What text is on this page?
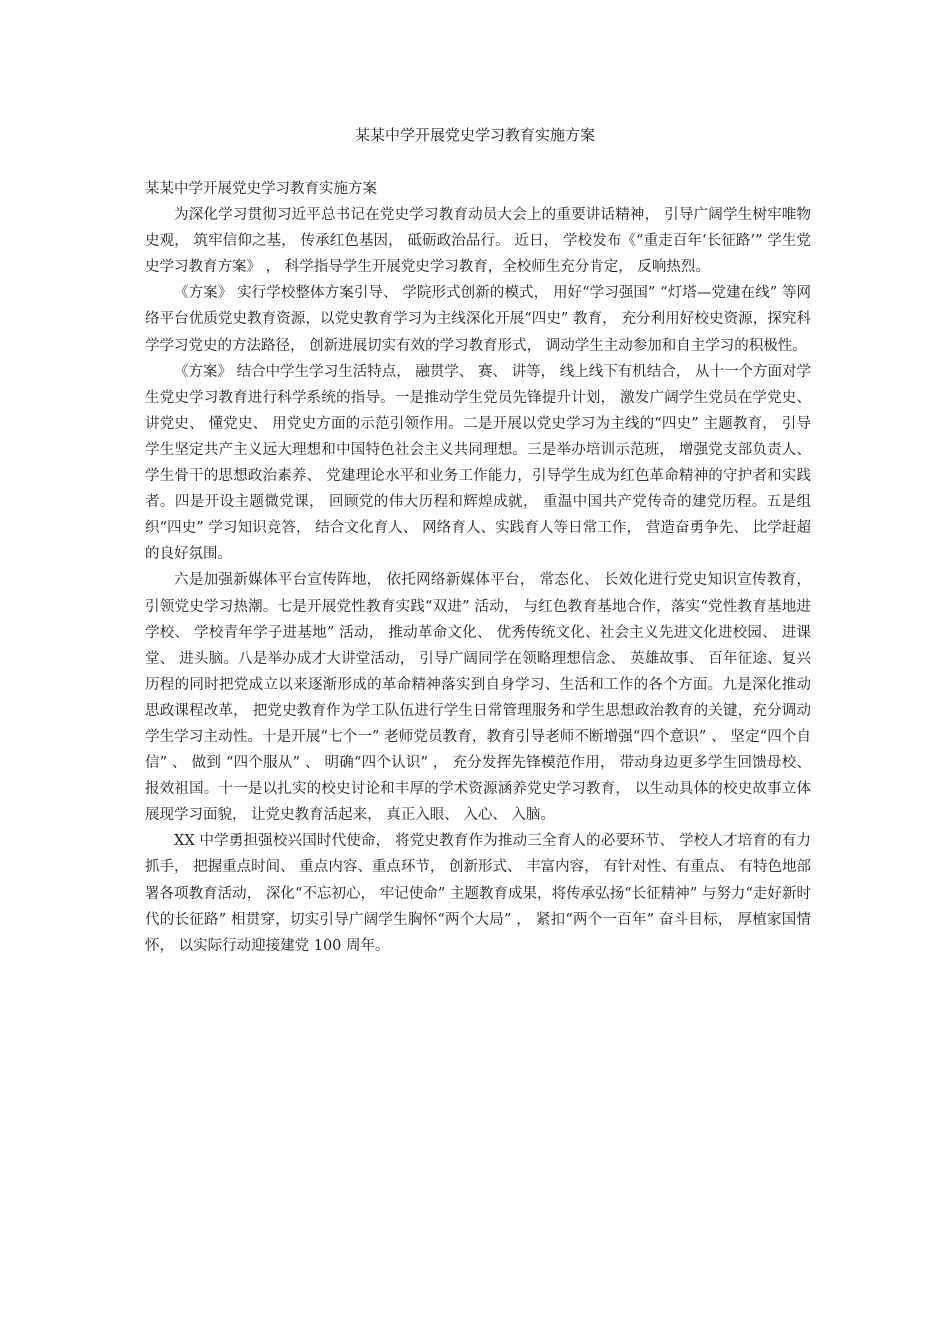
某某中学开展党史学习教育实施方案
某某中学开展党史学习教育实施方案

为深化学习贯彻习近平总书记在党史学习教育动员大会上的重要讲话精神， 引导广阔学生树牢唯物史观， 筑牢信仰之基， 传承红色基因， 砥砺政治品行。 近日， 学校发布《“重走百年‘长征路’” 学生党史学习教育方案》 ， 科学指导学生开展党史学习教育，全校师生充分肯定， 反响热烈。

《方案》 实行学校整体方案引导、 学院形式创新的模式， 用好“学习强国” “灯塔—党建在线” 等网络平台优质党史教育资源，以党史教育学习为主线深化开展“四史” 教育， 充分利用好校史资源，探究科学学习党史的方法路径， 创新进展切实有效的学习教育形式， 调动学生主动参加和自主学习的积极性。

《方案》 结合中学生学习生活特点， 融贯学、 赛、 讲等， 线上线下有机结合， 从十一个方面对学生党史学习教育进行科学系统的指导。一是推动学生党员先锋提升计划， 激发广阔学生党员在学党史、讲党史、 懂党史、 用党史方面的示范引领作用。二是开展以党史学习为主线的“四史” 主题教育， 引导学生坚定共产主义远大理想和中国特色社会主义共同理想。三是举办培训示范班， 增强党支部负责人、 学生骨干的思想政治素养、 党建理论水平和业务工作能力，引导学生成为红色革命精神的守护者和实践者。四是开设主题微党课， 回顾党的伟大历程和辉煌成就， 重温中国共产党传奇的建党历程。五是组织“四史” 学习知识竞答， 结合文化育人、 网络育人、实践育人等日常工作， 营造奋勇争先、 比学赶超的良好氛围。

六是加强新媒体平台宣传阵地， 依托网络新媒体平台， 常态化、 长效化进行党史知识宣传教育， 引领党史学习热潮。七是开展党性教育实践“双进” 活动， 与红色教育基地合作，落实“党性教育基地进学校、 学校青年学子进基地” 活动， 推动革命文化、 优秀传统文化、社会主义先进文化进校园、 进课堂、 进头脑。八是举办成才大讲堂活动， 引导广阔同学在领略理想信念、 英雄故事、 百年征途、复兴历程的同时把党成立以来逐渐形成的革命精神落实到自身学习、生活和工作的各个方面。九是深化推动思政课程改革， 把党史教育作为学工队伍进行学生日常管理服务和学生思想政治教育的关键，充分调动学生学习主动性。十是开展“七个一” 老师党员教育，教育引导老师不断增强“四个意识” 、 坚定“四个自信” 、 做到 “四个服从” 、 明确“四个认识” ， 充分发挥先锋模范作用， 带动身边更多学生回馈母校、 报效祖国。十一是以扎实的校史讨论和丰厚的学术资源涵养党史学习教育， 以生动具体的校史故事立体展现学习面貌， 让党史教育活起来， 真正入眼、 入心、 入脑。

XX 中学勇担强校兴国时代使命， 将党史教育作为推动三全育人的必要环节、 学校人才培育的有力抓手， 把握重点时间、 重点内容、重点环节， 创新形式、 丰富内容， 有针对性、有重点、 有特色地部署各项教育活动， 深化“不忘初心， 牢记使命” 主题教育成果，将传承弘扬“长征精神” 与努力“走好新时代的长征路” 相贯穿，切实引导广阔学生胸怀“两个大局” ， 紧扣“两个一百年” 奋斗目标， 厚植家国情怀， 以实际行动迎接建党 100 周年。
